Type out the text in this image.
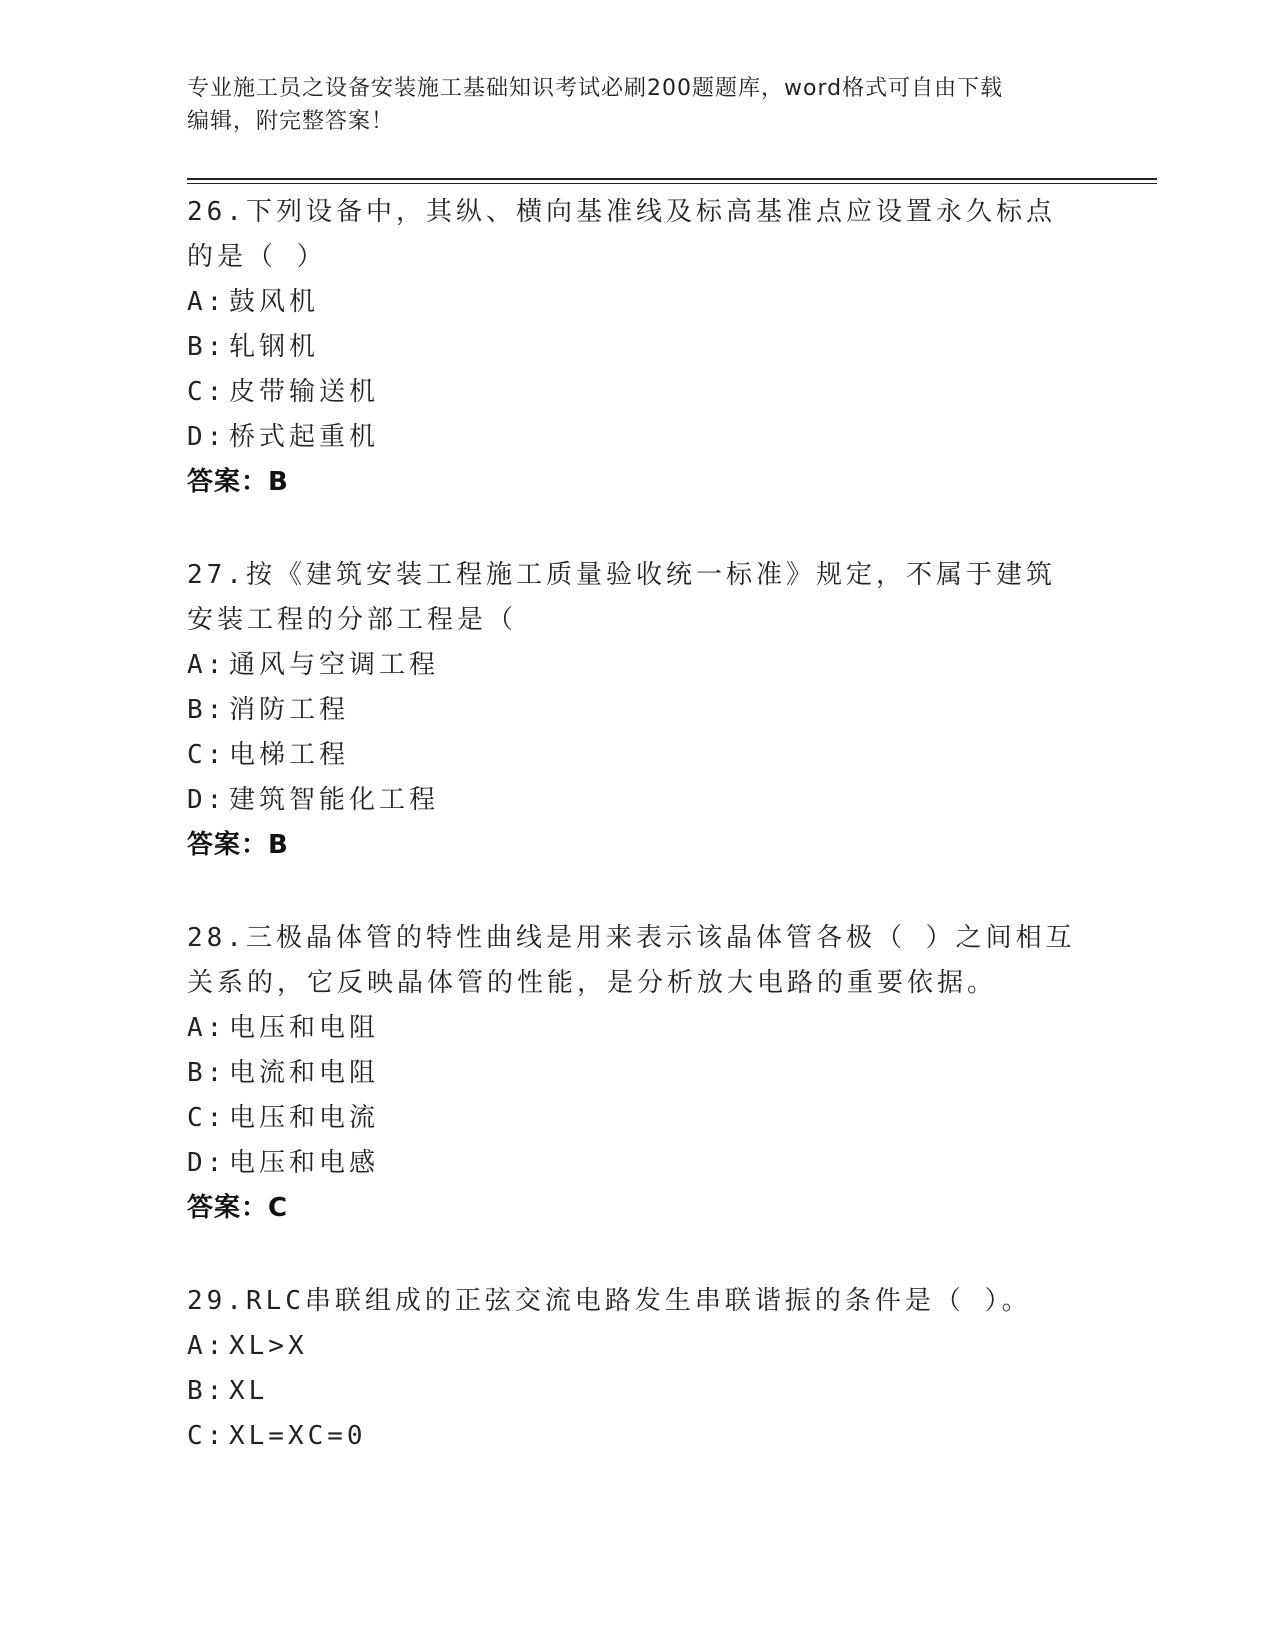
专业施工员之设备安装施工基础知识考试必刷200题题库，word格式可自由下载
编辑，附完整答案！

26.下列设备中，其纵、横向基准线及标高基准点应设置永久标点的是（ ）

A: 鼓风机
B: 轧钢机
C: 皮带输送机
D: 桥式起重机
答案：B

27.按《建筑安装工程施工质量验收统一标准》规定，不属于建筑安装工程的分部工程是（

A: 通风与空调工程
B: 消防工程
C: 电梯工程
D: 建筑智能化工程
答案：B

28.三极晶体管的特性曲线是用来表示该晶体管各极（ ）之间相互关系的，它反映晶体管的性能，是分析放大电路的重要依据。

A: 电压和电阻
B: 电流和电阻
C: 电压和电流
D: 电压和电感
答案：C

29.RLC串联组成的正弦交流电路发生串联谐振的条件是（ ）。

A: XL>X
B: XL
C: XL=XC=0
